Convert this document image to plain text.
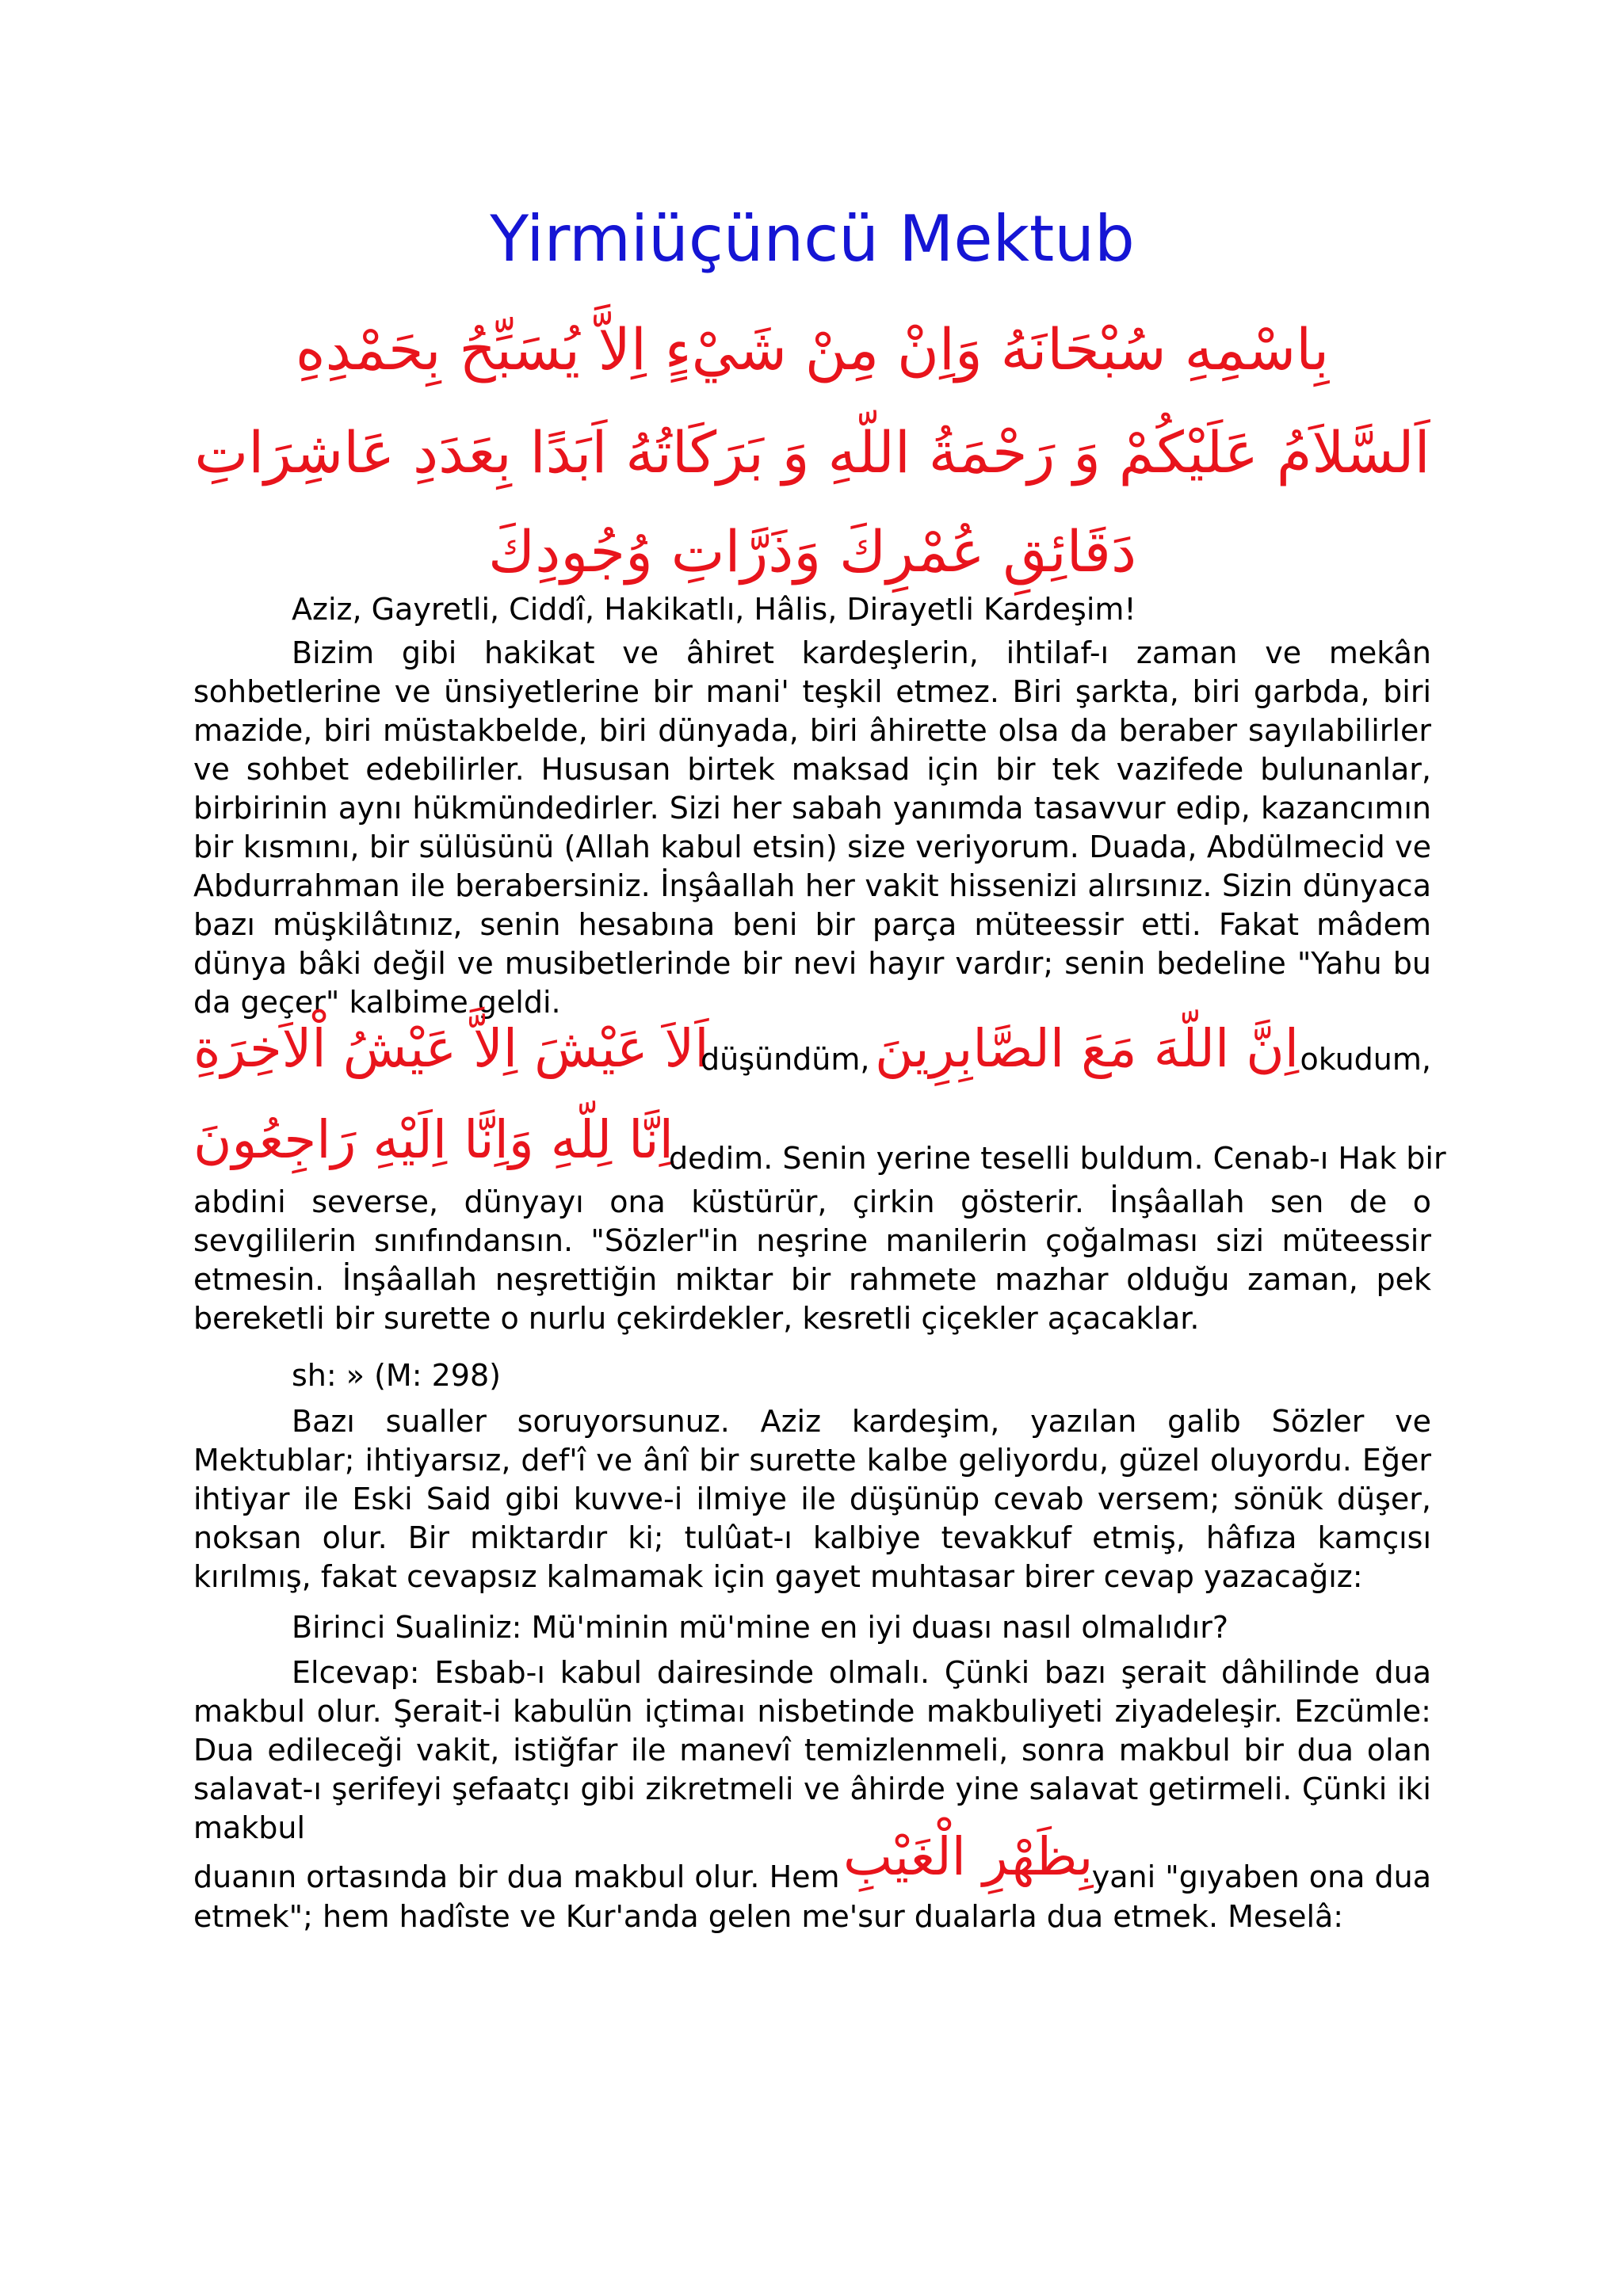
Yirmiüçüncü Mektub
بِاسْمِهِ سُبْحَانَهُ وَاِنْ مِنْ شَيْءٍ اِلاَّ يُسَبِّحُ بِحَمْدِهِ
اَلسَّلاَمُ عَلَيْكُمْ وَ رَحْمَةُ اللّهِ وَ بَرَكَاتُهُ اَبَدًا بِعَدَدِ عَاشِرَاتِ
دَقَائِقِ عُمْرِكَ وَذَرَّاتِ وُجُودِكَ

Aziz, Gayretli, Ciddî, Hakikatlı, Hâlis, Dirayetli Kardeşim!

Bizim gibi hakikat ve âhiret kardeşlerin, ihtilaf-ı zaman ve mekân sohbetlerine ve ünsiyetlerine bir mani' teşkil etmez. Biri şarkta, biri garbda, biri mazide, biri müstakbelde, biri dünyada, biri âhirette olsa da beraber sayılabilirler ve sohbet edebilirler. Hususan birtek maksad için bir tek vazifede bulunanlar, birbirinin aynı hükmündedirler. Sizi her sabah yanımda tasavvur edip, kazancımın bir kısmını, bir sülüsünü (Allah kabul etsin) size veriyorum. Duada, Abdülmecid ve Abdurrahman ile berabersiniz. İnşâallah her vakit hissenizi alırsınız. Sizin dünyaca bazı müşkilâtınız, senin hesabına beni bir parça müteessir etti. Fakat mâdem dünya bâki değil ve musibetlerinde bir nevi hayır vardır; senin bedeline "Yahu bu da geçer" kalbime geldi.

اَلاَ عَيْشَ اِلاَّ عَيْشُ اْلاَخِرَةِ
düşündüm, اِنَّ اللّهَ مَعَ الصَّابِرِينَ okudum,
اِنَّا لِلّهِ وَاِنَّا اِلَيْهِ رَاجِعُونَ
dedim. Senin yerine teselli buldum. Cenab-ı Hak bir

abdini severse, dünyayı ona küstürür, çirkin gösterir. İnşâallah sen de o sevgililerin sınıfındansın. "Sözler"in neşrine manilerin çoğalması sizi müteessir etmesin. İnşâallah neşrettiğin miktar bir rahmete mazhar olduğu zaman, pek bereketli bir surette o nurlu çekirdekler, kesretli çiçekler açacaklar.

sh: » (M: 298)

Bazı sualler soruyorsunuz. Aziz kardeşim, yazılan galib Sözler ve Mektublar; ihtiyarsız, def'î ve ânî bir surette kalbe geliyordu, güzel oluyordu. Eğer ihtiyar ile Eski Said gibi kuvve-i ilmiye ile düşünüp cevab versem; sönük düşer, noksan olur. Bir miktardır ki; tulûat-ı kalbiye tevakkuf etmiş, hâfıza kamçısı kırılmış, fakat cevapsız kalmamak için gayet muhtasar birer cevap yazacağız:

Birinci Sualiniz: Mü'minin mü'mine en iyi duası nasıl olmalıdır?

Elcevap: Esbab-ı kabul dairesinde olmalı. Çünki bazı şerait dâhilinde dua makbul olur. Şerait-i kabulün içtimaı nisbetinde makbuliyeti ziyadeleşir. Ezcümle: Dua edileceği vakit, istiğfar ile manevî temizlenmeli, sonra makbul bir dua olan salavat-ı şerifeyi şefaatçı gibi zikretmeli ve âhirde yine salavat getirmeli. Çünki iki makbul

duanın ortasında bir dua makbul olur. Hem بِظَهْرِ الْغَيْبِ
yani "gıyaben ona dua

etmek"; hem hadîste ve Kur'anda gelen me'sur dualarla dua etmek. Meselâ:
